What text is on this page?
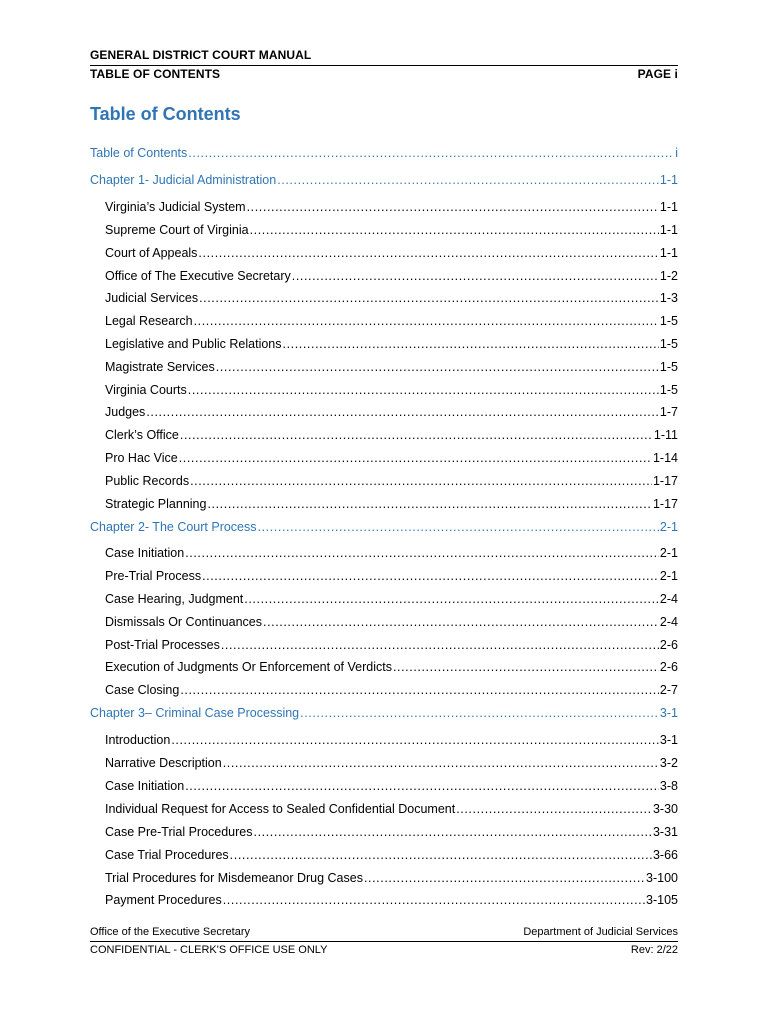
GENERAL DISTRICT COURT MANUAL
TABLE OF CONTENTS	PAGE i
Table of Contents
Table of Contents .....	i
Chapter 1- Judicial Administration .....	1-1
Virginia’s Judicial System .....	1-1
Supreme Court of Virginia .....	1-1
Court of Appeals .....	1-1
Office of The Executive Secretary .....	1-2
Judicial Services .....	1-3
Legal Research .....	1-5
Legislative and Public Relations .....	1-5
Magistrate Services .....	1-5
Virginia Courts .....	1-5
Judges .....	1-7
Clerk’s Office .....	1-11
Pro Hac Vice .....	1-14
Public Records .....	1-17
Strategic Planning .....	1-17
Chapter 2- The Court Process .....	2-1
Case Initiation .....	2-1
Pre-Trial Process .....	2-1
Case Hearing, Judgment .....	2-4
Dismissals Or Continuances .....	2-4
Post-Trial Processes .....	2-6
Execution of Judgments Or Enforcement of Verdicts .....	2-6
Case Closing .....	2-7
Chapter 3– Criminal Case Processing .....	3-1
Introduction .....	3-1
Narrative Description .....	3-2
Case Initiation .....	3-8
Individual Request for Access to Sealed Confidential Document .....	3-30
Case Pre-Trial Procedures .....	3-31
Case Trial Procedures .....	3-66
Trial Procedures for Misdemeanor Drug Cases .....	3-100
Payment Procedures .....	3-105
Office of the Executive Secretary	Department of Judicial Services
CONFIDENTIAL - CLERK'S OFFICE USE ONLY	Rev: 2/22
